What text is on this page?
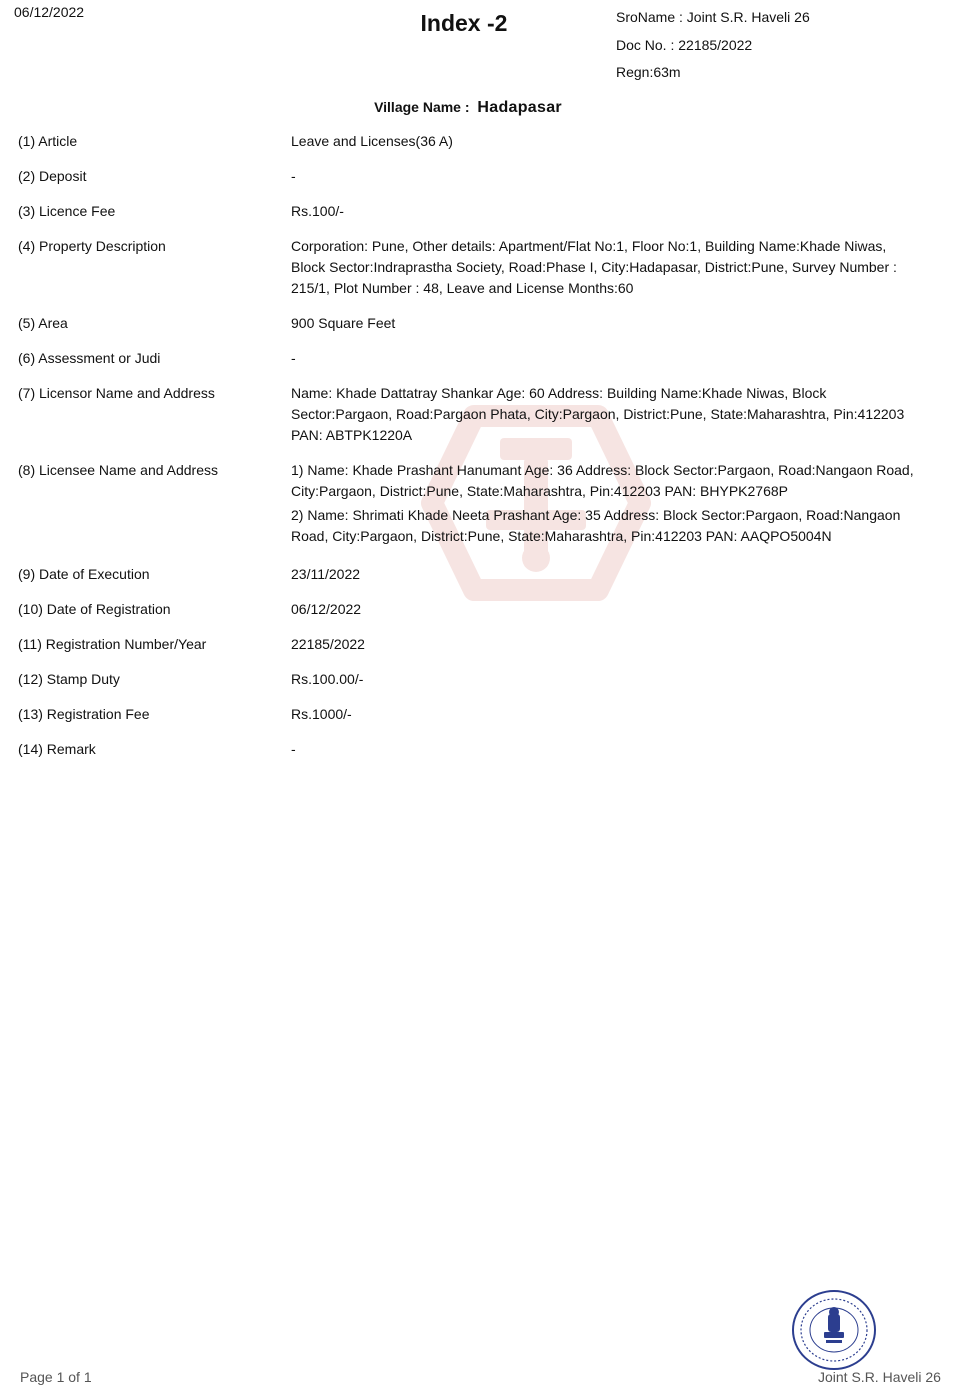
06/12/2022	Index -2	SroName : Joint S.R. Haveli 26
Doc No. : 22185/2022
Regn:63m
Village Name : Hadapasar
(1) Article	Leave and Licenses(36 A)
(2) Deposit	-
(3) Licence Fee	Rs.100/-
(4) Property Description	Corporation: Pune, Other details: Apartment/Flat No:1, Floor No:1, Building Name:Khade Niwas, Block Sector:Indraprastha Society, Road:Phase I, City:Hadapasar, District:Pune, Survey Number : 215/1, Plot Number : 48, Leave and License Months:60
(5) Area	900 Square Feet
(6) Assessment or Judi	-
(7) Licensor Name and Address	Name: Khade Dattatray Shankar Age: 60 Address: Building Name:Khade Niwas, Block Sector:Pargaon, Road:Pargaon Phata, City:Pargaon, District:Pune, State:Maharashtra, Pin:412203 PAN: ABTPK1220A
(8) Licensee Name and Address	1) Name: Khade Prashant Hanumant Age: 36 Address: Block Sector:Pargaon, Road:Nangaon Road, City:Pargaon, District:Pune, State:Maharashtra, Pin:412203 PAN: BHYPK2768P
2) Name: Shrimati Khade Neeta Prashant Age: 35 Address: Block Sector:Pargaon, Road:Nangaon Road, City:Pargaon, District:Pune, State:Maharashtra, Pin:412203 PAN: AAQPO5004N
(9) Date of Execution	23/11/2022
(10) Date of Registration	06/12/2022
(11) Registration Number/Year	22185/2022
(12) Stamp Duty	Rs.100.00/-
(13) Registration Fee	Rs.1000/-
(14) Remark	-
Page 1 of 1	Joint S.R. Haveli 26
